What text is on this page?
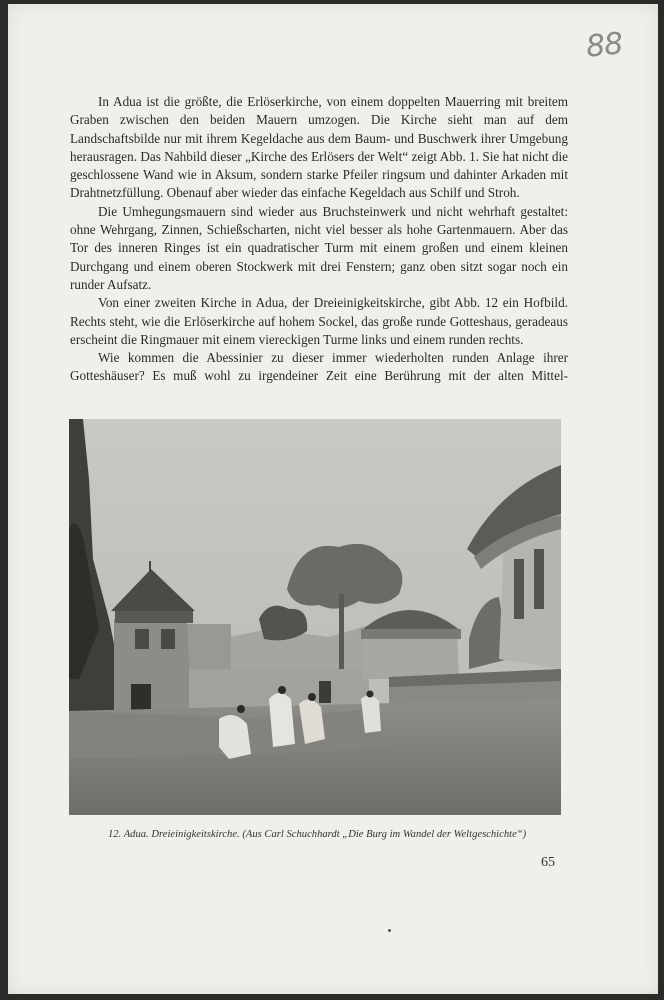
88

In Adua ist die größte, die Erlöserkirche, von einem doppelten Mauerring mit breitem Graben zwischen den beiden Mauern umzogen. Die Kirche sieht man auf dem Landschaftsbilde nur mit ihrem Kegeldache aus dem Baum- und Buschwerk ihrer Umgebung herausragen. Das Nahbild dieser „Kirche des Erlösers der Welt“ zeigt Abb. 1. Sie hat nicht die geschlossene Wand wie in Aksum, sondern starke Pfeiler ringsum und dahinter Arkaden mit Drahtnetzfüllung. Obenauf aber wieder das einfache Kegeldach aus Schilf und Stroh.

Die Umhegungsmauern sind wieder aus Bruchsteinwerk und nicht wehrhaft gestaltet: ohne Wehrgang, Zinnen, Schießscharten, nicht viel besser als hohe Gartenmauern. Aber das Tor des inneren Ringes ist ein quadratischer Turm mit einem großen und einem kleinen Durchgang und einem oberen Stockwerk mit drei Fenstern; ganz oben sitzt sogar noch ein runder Aufsatz.

Von einer zweiten Kirche in Adua, der Dreieinigkeitskirche, gibt Abb. 12 ein Hofbild. Rechts steht, wie die Erlöserkirche auf hohem Sockel, das große runde Gotteshaus, geradeaus erscheint die Ringmauer mit einem viereckigen Turme links und einem runden rechts.

Wie kommen die Abessinier zu dieser immer wiederholten runden Anlage ihrer Gotteshäuser? Es muß wohl zu irgendeiner Zeit eine Berührung mit der alten Mittel-

12. Adua. Dreieinigkeitskirche. (Aus Carl Schuchhardt „Die Burg im Wandel der Weltgeschichte“)
65
